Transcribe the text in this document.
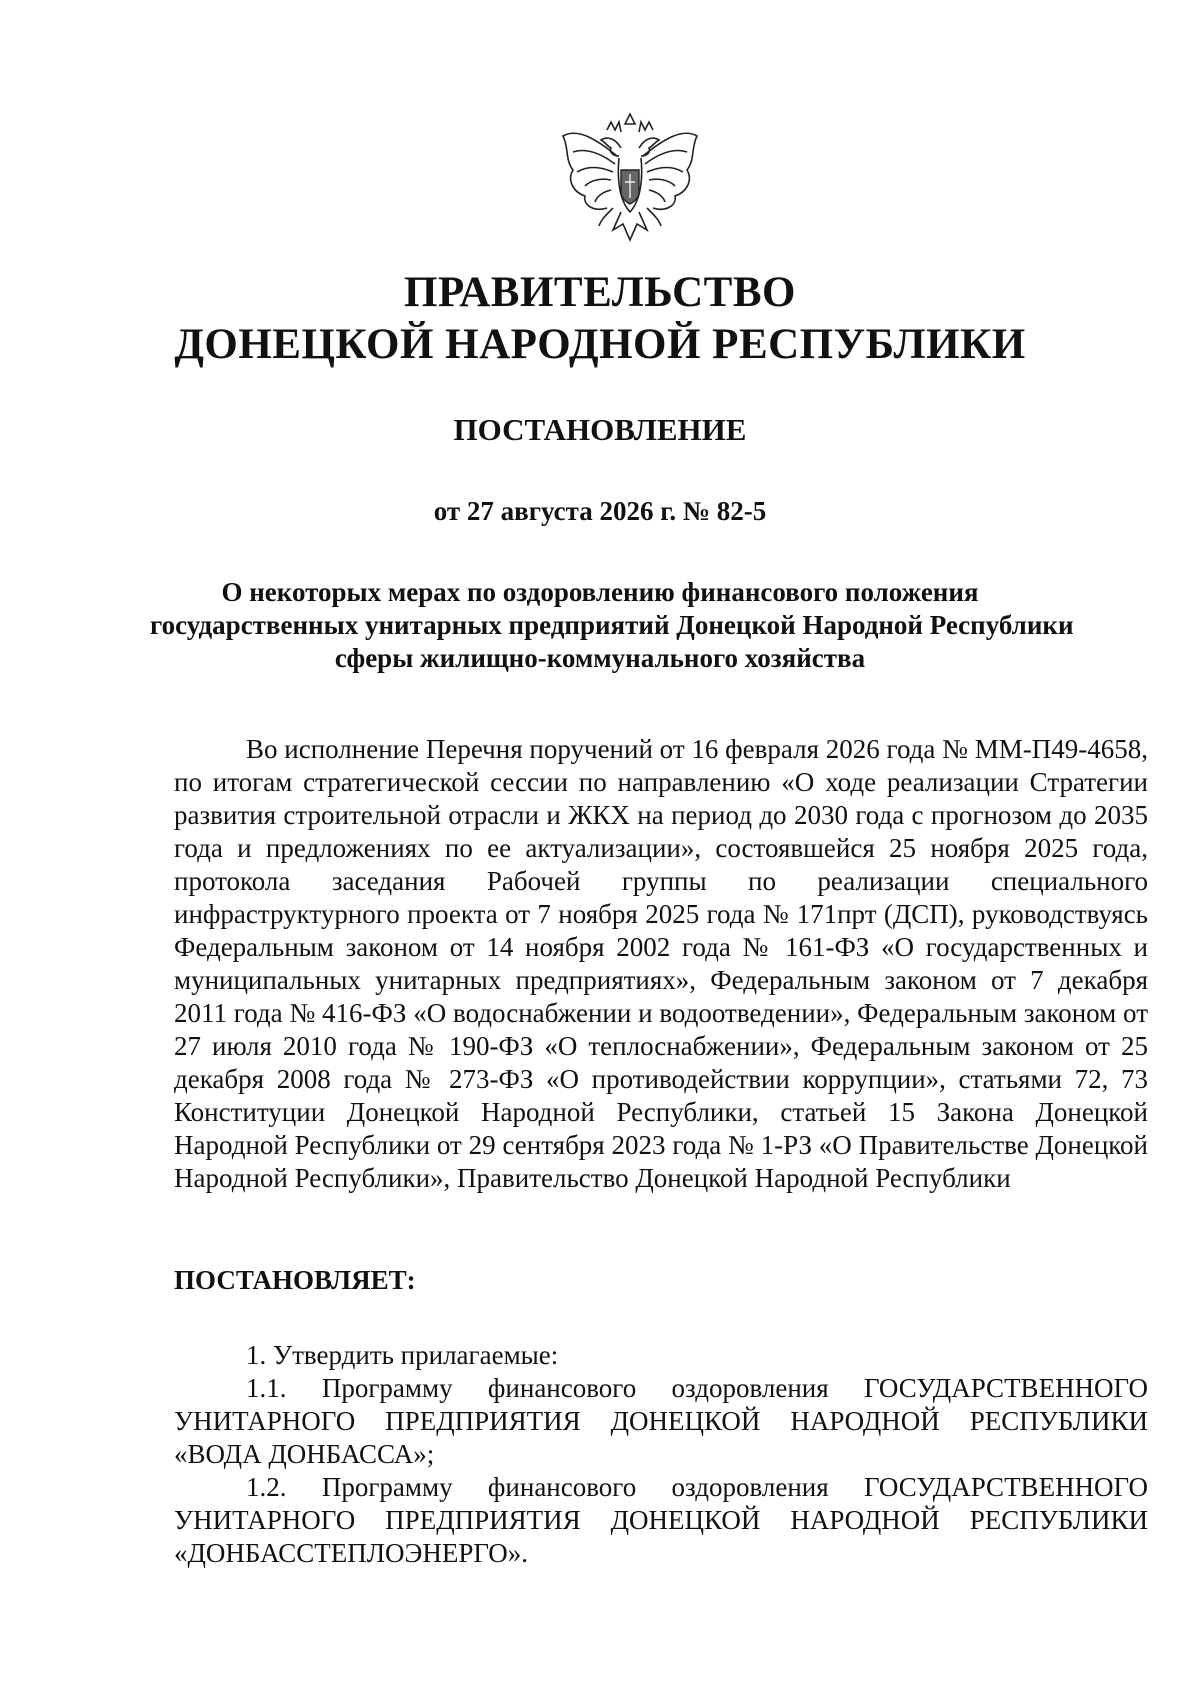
ПРАВИТЕЛЬСТВО

ДОНЕЦКОЙ НАРОДНОЙ РЕСПУБЛИКИ

ПОСТАНОВЛЕНИЕ

от 27 августа 2026 г. № 82-5

О некоторых мерах по оздоровлению финансового положения
государственных унитарных предприятий Донецкой Народной Республики
сферы жилищно-коммунального хозяйства

Во исполнение Перечня поручений от 16 февраля 2026 года № ММ-П49-4658, по итогам стратегической сессии по направлению «О ходе реализации Стратегии развития строительной отрасли и ЖКХ на период до 2030 года с прогнозом до 2035 года и предложениях по ее актуализации», состоявшейся 25 ноября 2025 года, протокола заседания Рабочей группы по реализации специального инфраструктурного проекта от 7 ноября 2025 года № 171прт (ДСП), руководствуясь Федеральным законом от 14 ноября 2002 года № 161-ФЗ «О государственных и муниципальных унитарных предприятиях», Федеральным законом от 7 декабря 2011 года № 416-ФЗ «О водоснабжении и водоотведении», Федеральным законом от 27 июля 2010 года № 190-ФЗ «О теплоснабжении», Федеральным законом от 25 декабря 2008 года № 273-ФЗ «О противодействии коррупции», статьями 72, 73 Конституции Донецкой Народной Республики, статьей 15 Закона Донецкой Народной Республики от 29 сентября 2023 года № 1-РЗ «О Правительстве Донецкой Народной Республики», Правительство Донецкой Народной Республики

ПОСТАНОВЛЯЕТ:

1. Утвердить прилагаемые:

1.1. Программу финансового оздоровления ГОСУДАРСТВЕННОГО УНИТАРНОГО ПРЕДПРИЯТИЯ ДОНЕЦКОЙ НАРОДНОЙ РЕСПУБЛИКИ «ВОДА ДОНБАССА»;

1.2. Программу финансового оздоровления ГОСУДАРСТВЕННОГО УНИТАРНОГО ПРЕДПРИЯТИЯ ДОНЕЦКОЙ НАРОДНОЙ РЕСПУБЛИКИ «ДОНБАССТЕПЛОЭНЕРГО».
